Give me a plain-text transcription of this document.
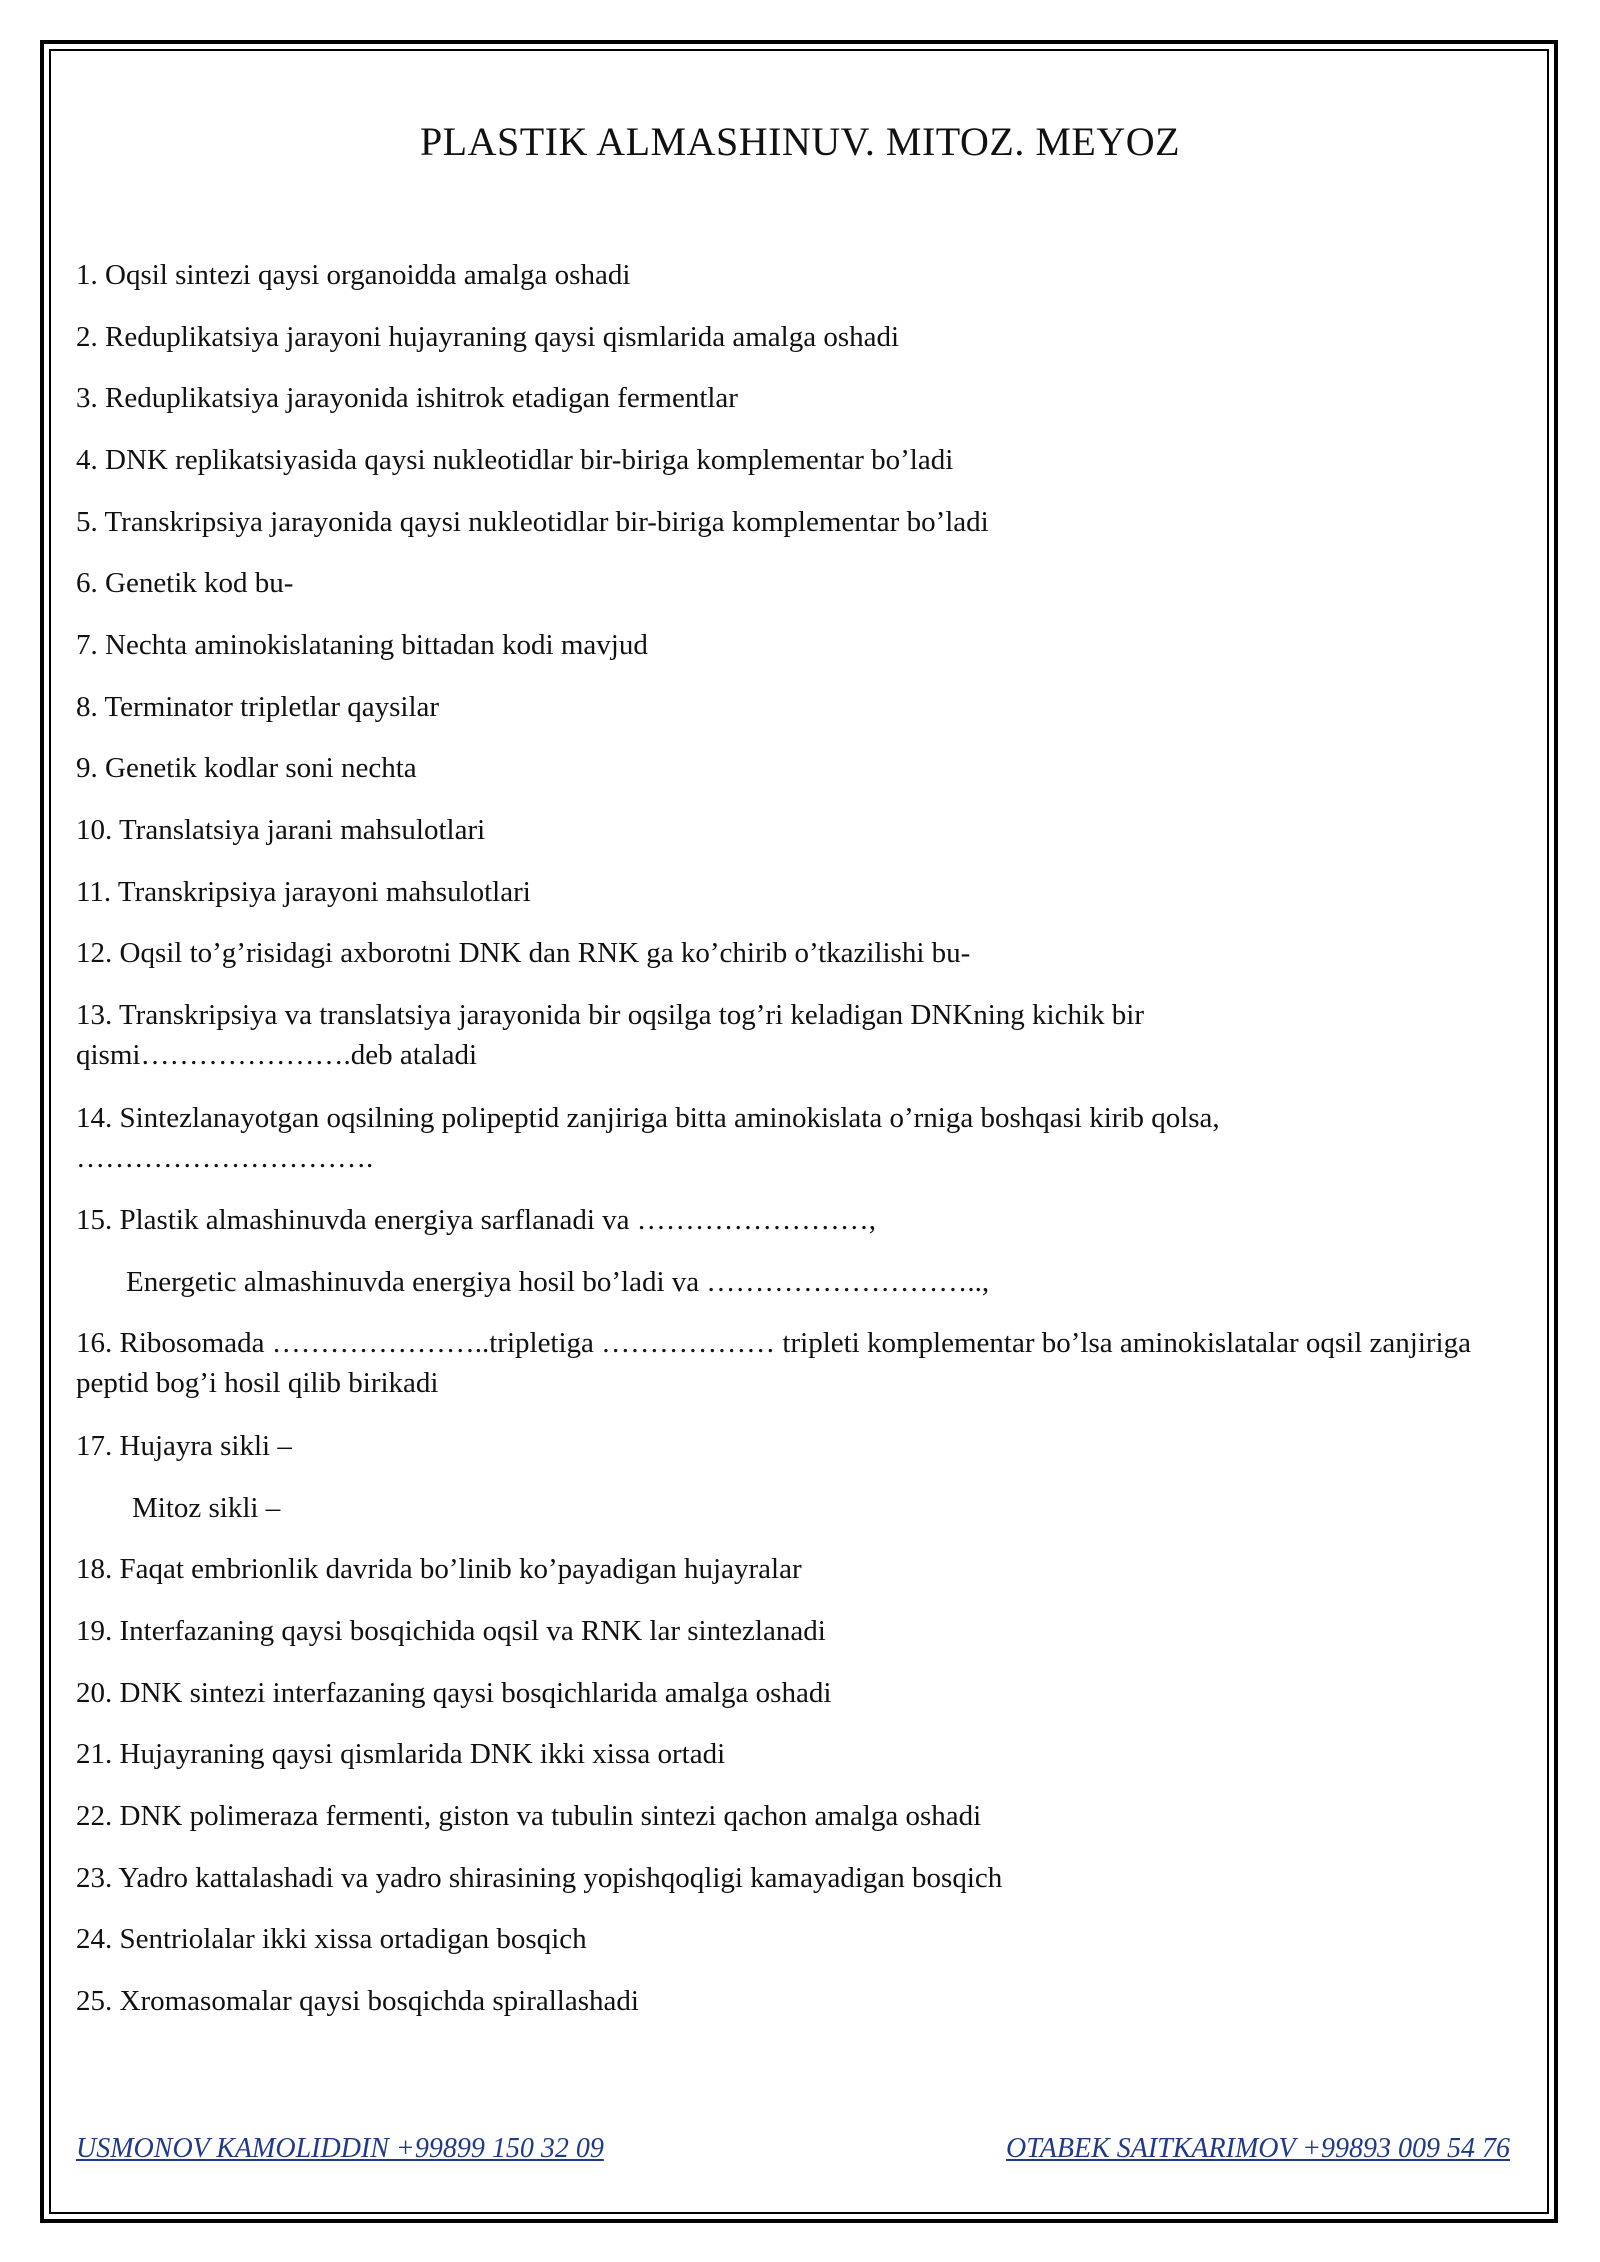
PLASTIK ALMASHINUV. MITOZ. MEYOZ
1. Oqsil sintezi qaysi organoidda amalga oshadi
2. Reduplikatsiya jarayoni hujayraning qaysi qismlarida amalga oshadi
3. Reduplikatsiya jarayonida ishitrok etadigan fermentlar
4. DNK replikatsiyasida qaysi nukleotidlar bir-biriga komplementar bo’ladi
5. Transkripsiya jarayonida qaysi nukleotidlar bir-biriga komplementar bo’ladi
6. Genetik kod bu-
7. Nechta aminokislataning bittadan kodi mavjud
8. Terminator tripletlar qaysilar
9. Genetik kodlar soni nechta
10. Translatsiya jarani mahsulotlari
11. Transkripsiya jarayoni mahsulotlari
12. Oqsil to’g’risidagi axborotni DNK dan RNK ga ko’chirib o’tkazilishi bu-
13. Transkripsiya va translatsiya jarayonida bir oqsilga tog’ri keladigan DNKning kichik bir qismi………………….deb ataladi
14. Sintezlanayotgan oqsilning polipeptid zanjiriga bitta aminokislata o’rniga boshqasi kirib qolsa, ………………………….
15. Plastik almashinuvda energiya sarflanadi va ……………………,
Energetic almashinuvda energiya hosil bo’ladi va ………………………..,
16. Ribosomada …………………..tripletiga ……………… tripleti komplementar bo’lsa aminokislatalar oqsil zanjiriga peptid bog’i hosil qilib birikadi
17. Hujayra sikli –
Mitoz sikli –
18. Faqat embrionlik davrida bo’linib ko’payadigan hujayralar
19. Interfazaning qaysi bosqichida oqsil va RNK lar sintezlanadi
20. DNK sintezi interfazaning qaysi bosqichlarida amalga oshadi
21. Hujayraning qaysi qismlarida DNK ikki xissa ortadi
22. DNK polimeraza fermenti, giston va tubulin sintezi qachon amalga oshadi
23. Yadro kattalashadi va yadro shirasining yopishqoqligi kamayadigan bosqich
24. Sentriolalar ikki xissa ortadigan bosqich
25. Xromasomalar qaysi bosqichda spirallashadi
USMONOV KAMOLIDDIN +99899 150 32 09	OTABEK SAITKARIMOV +99893 009 54 76
